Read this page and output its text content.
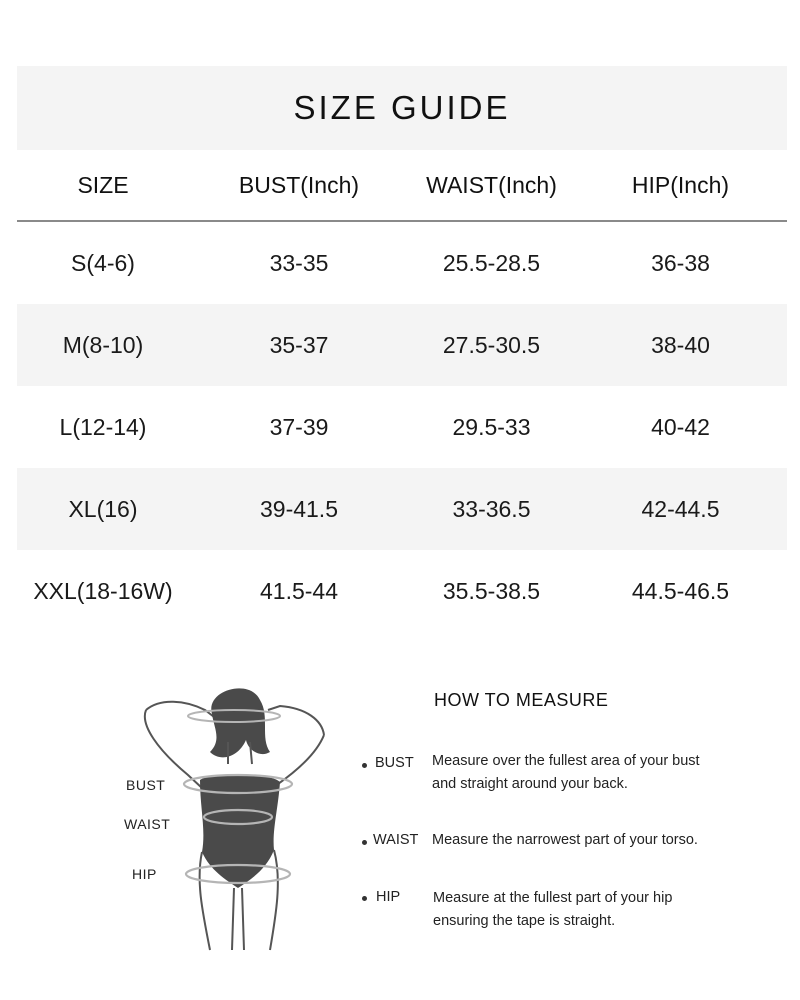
SIZE GUIDE
SIZE	BUST(Inch)	WAIST(Inch)	HIP(Inch)
S(4-6)	33-35	25.5-28.5	36-38
M(8-10)	35-37	27.5-30.5	38-40
L(12-14)	37-39	29.5-33	40-42
XL(16)	39-41.5	33-36.5	42-44.5
XXL(18-16W)	41.5-44	35.5-38.5	44.5-46.5
BUST
WAIST
HIP
HOW TO MEASURE
BUST Measure over the fullest area of your bust
and straight around your back.
WAIST Measure the narrowest part of your torso.
HIP Measure at the fullest part of your hip
ensuring the tape is straight.
